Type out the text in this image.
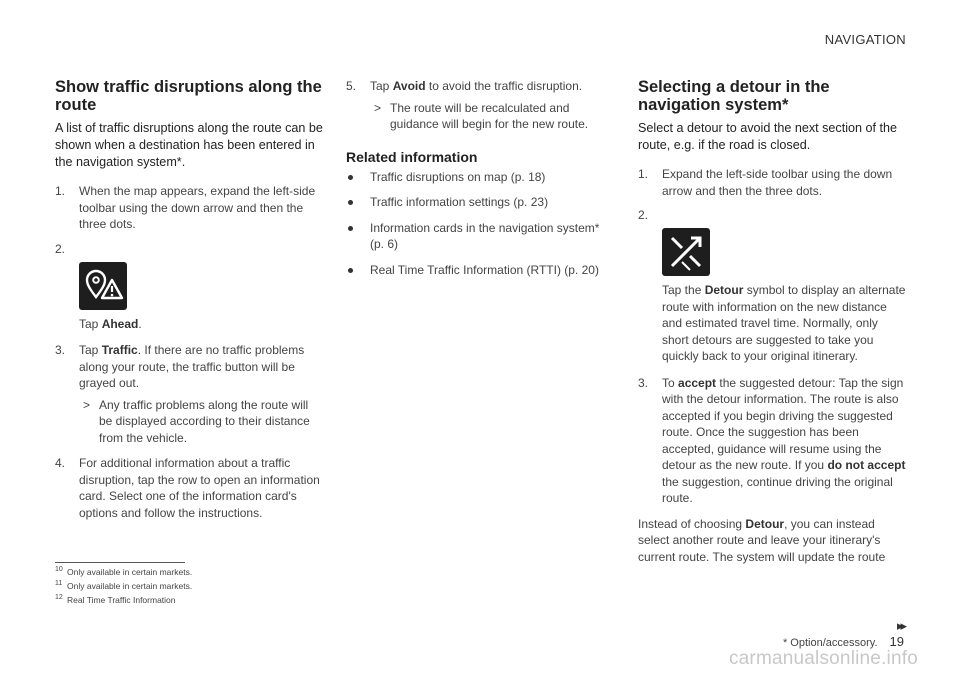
NAVIGATION
Show traffic disruptions along the route

A list of traffic disruptions along the route can be shown when a destination has been entered in the navigation system*.

1. When the map appears, expand the left-side toolbar using the down arrow and then the three dots.
2.
Tap Ahead.
3. Tap Traffic. If there are no traffic problems along your route, the traffic button will be grayed out.
> Any traffic problems along the route will be displayed according to their distance from the vehicle.
4. For additional information about a traffic disruption, tap the row to open an information card. Select one of the information card's options and follow the instructions.
5. Tap Avoid to avoid the traffic disruption.
> The route will be recalculated and guidance will begin for the new route.
Related information
Traffic disruptions on map (p. 18)
Traffic information settings (p. 23)
Information cards in the navigation system* (p. 6)
Real Time Traffic Information (RTTI) (p. 20)
Selecting a detour in the navigation system*

Select a detour to avoid the next section of the route, e.g. if the road is closed.

1. Expand the left-side toolbar using the down arrow and then the three dots.
2.
Tap the Detour symbol to display an alternate route with information on the new distance and estimated travel time. Normally, only short detours are suggested to take you quickly back to your original itinerary.
3. To accept the suggested detour: Tap the sign with the detour information. The route is also accepted if you begin driving the suggested route. Once the suggestion has been accepted, guidance will resume using the detour as the new route. If you do not accept the suggestion, continue driving the original route.

Instead of choosing Detour, you can instead select another route and leave your itinerary's current route. The system will update the route

$^{10}$ Only available in certain markets.
$^{11}$ Only available in certain markets.
$^{12}$ Real Time Traffic Information
▸▸
* Option/accessory. 19
carmanualsonline.info
